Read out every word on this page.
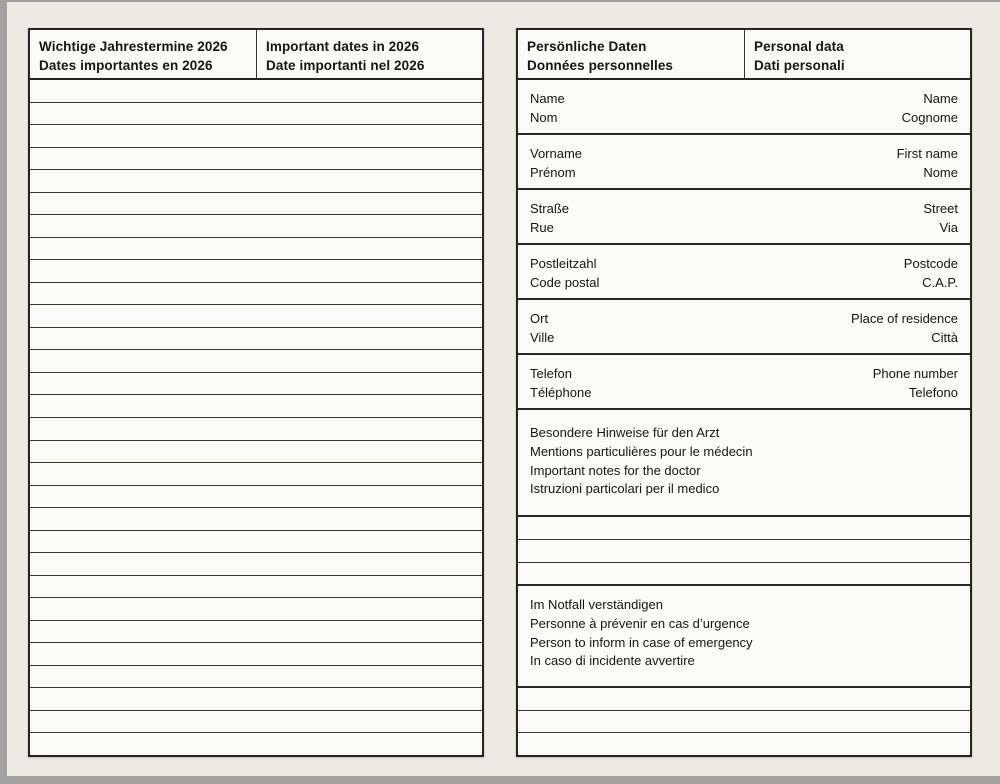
Wichtige Jahrestermine 2026
Dates importantes en 2026
Important dates in 2026
Date importanti nel 2026
Persönliche Daten
Données personnelles
Personal data
Dati personali
Name
Nom
Name
Cognome
Vorname
Prénom
First name
Nome
Straße
Rue
Street
Via
Postleitzahl
Code postal
Postcode
C.A.P.
Ort
Ville
Place of residence
Città
Telefon
Téléphone
Phone number
Telefono
Besondere Hinweise für den Arzt
Mentions particulières pour le médecin
Important notes for the doctor
Istruzioni particolari per il medico
Im Notfall verständigen
Personne à prévenir en cas d’urgence
Person to inform in case of emergency
In caso di incidente avvertire
